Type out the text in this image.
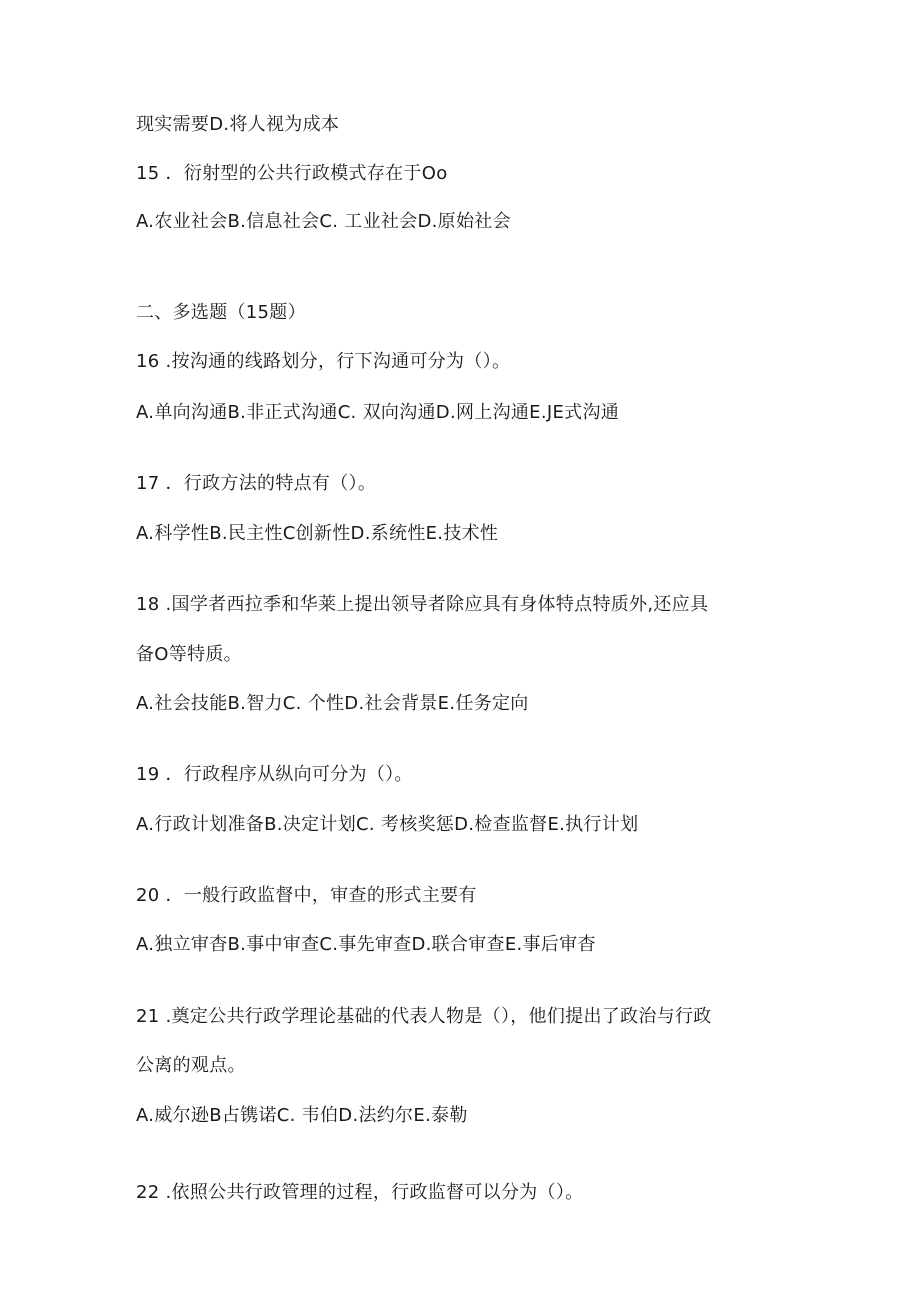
现实需要D.将人视为成本
15 ．衍射型的公共行政模式存在于Oo
A.农业社会B.信息社会C. 工业社会D.原始社会
二、多选题（15题）
16 .按沟通的线路划分，行下沟通可分为（）。
A.单向沟通B.非正式沟通C. 双向沟通D.网上沟通E.JE式沟通
17 ．行政方法的特点有（）。
A.科学性B.民主性C创新性D.系统性E.技术性
18 .国学者西拉季和华莱上提出领导者除应具有身体特点特质外,还应具
备O等特质。
A.社会技能B.智力C. 个性D.社会背景E.任务定向
19 ．行政程序从纵向可分为（）。
A.行政计划准备B.决定计划C. 考核奖惩D.检查监督E.执行计划
20 ．一般行政监督中，审查的形式主要有
A.独立审杳B.事中审查C.事先审查D.联合审查E.事后审杳
21 .奠定公共行政学理论基础的代表人物是（），他们提出了政治与行政
公离的观点。
A.威尔逊B占镌诺C. 韦伯D.法约尔E.泰勒
22 .依照公共行政管理的过程，行政监督可以分为（）。
